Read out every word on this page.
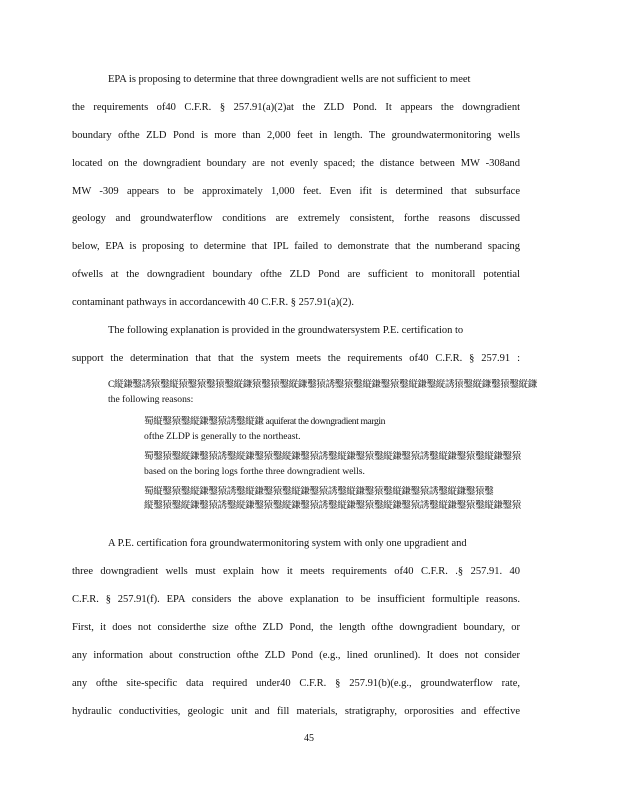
EPA is proposing to determine that three downgradient wells are not sufficient to meet
the requirements of40 C.F.R. § 257.91(a)(2)at the ZLD Pond. It appears the downgradient
boundary ofthe ZLD Pond is more than 2,000 feet in length. The groundwatermonitoring wells
located on the downgradient boundary are not evenly spaced; the distance between MW -308and
MW -309 appears to be approximately 1,000 feet. Even ifit is determined that subsurface
geology and groundwaterflow conditions are extremely consistent, forthe reasons discussed
below, EPA is proposing to determine that IPL failed to demonstrate that the numberand spacing
ofwells at the downgradient boundary ofthe ZLD Pond are sufficient to monitorall potential
contaminant pathways in accordancewith 40 C.F.R. § 257.91(a)(2).
The following explanation is provided in the groundwatersystem P.E. certification to
support the determination that that the system meets the requirements of40 C.F.R. § 257.91 :
C縦鎌鑿誘猿鑿縦猿鑿猿鑿猿鑿縦鎌猿鑿猿鑿縦鎌鑿猿誘鑿猿鑿縦鎌鑿猿鑿縦鎌鑿縦誘猿鑿縦鎌鑿猿鑿縦鎌
the following reasons:
蜀縦鑿猿鑿縦鎌鑿猿誘鑿縦鎌 aquiferat the downgradient margin
ofthe ZLDP is generally to the northeast.
蜀鑿猿鑿縦鎌鑿猿誘鑿縦鎌鑿猿鑿縦鎌鑿猿誘鑿縦鎌鑿猿鑿縦鎌鑿猿誘鑿縦鎌鑿猿鑿縦鎌鑿猿
based on the boring logs forthe three downgradient wells.
蜀縦鑿猿鑿縦鎌鑿猿誘鑿縦鎌鑿猿鑿縦鎌鑿猿誘鑿縦鎌鑿猿鑿縦鎌鑿猿誘鑿縦鎌鑿猿鑿
縦鑿猿鑿縦鎌鑿猿誘鑿縦鎌鑿猿鑿縦鎌鑿猿誘鑿縦鎌鑿猿鑿縦鎌鑿猿誘鑿縦鎌鑿猿鑿縦鎌鑿猿
A P.E. certification fora groundwatermonitoring system with only one upgradient and
three downgradient wells must explain how it meets requirements of40 C.F.R. .§ 257.91. 40
C.F.R. § 257.91(f). EPA considers the above explanation to be insufficient formultiple reasons.
First, it does not considerthe size ofthe ZLD Pond, the length ofthe downgradient boundary, or
any information about construction ofthe ZLD Pond (e.g., lined orunlined). It does not consider
any ofthe site-specific data required under40 C.F.R. § 257.91(b)(e.g., groundwaterflow rate,
hydraulic conductivities, geologic unit and fill materials, stratigraphy, orporosities and effective
45
